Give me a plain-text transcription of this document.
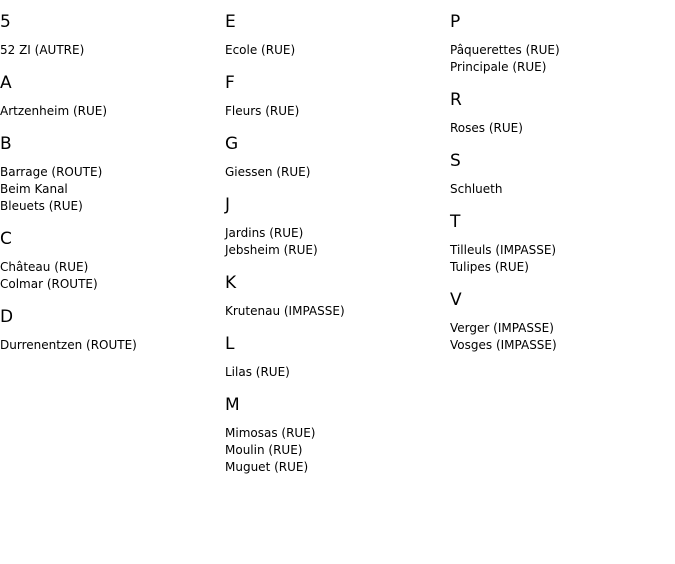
5
52 ZI (AUTRE)
A
Artzenheim (RUE)
B
Barrage (ROUTE)
Beim Kanal
Bleuets (RUE)
C
Château (RUE)
Colmar (ROUTE)
D
Durrenentzen (ROUTE)
E
Ecole (RUE)
F
Fleurs (RUE)
G
Giessen (RUE)
J
Jardins (RUE)
Jebsheim (RUE)
K
Krutenau (IMPASSE)
L
Lilas (RUE)
M
Mimosas (RUE)
Moulin (RUE)
Muguet (RUE)
P
Pâquerettes (RUE)
Principale (RUE)
R
Roses (RUE)
S
Schlueth
T
Tilleuls (IMPASSE)
Tulipes (RUE)
V
Verger (IMPASSE)
Vosges (IMPASSE)
